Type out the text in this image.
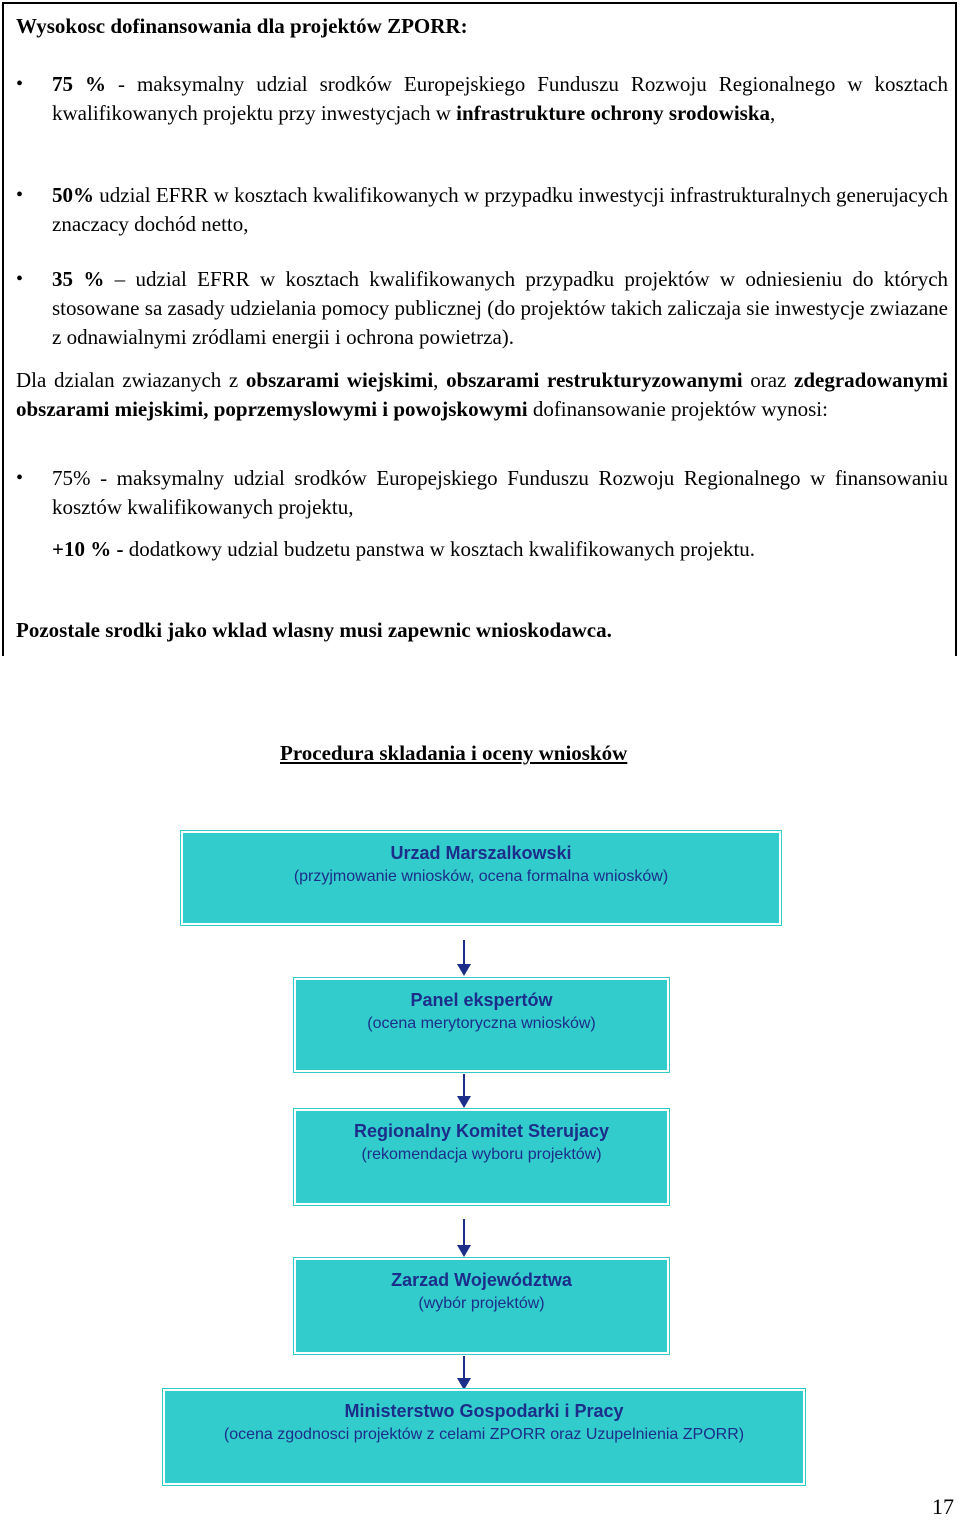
Wysokosc dofinansowania dla projektów ZPORR:
• 75 % - maksymalny udzial srodków Europejskiego Funduszu Rozwoju Regionalnego w kosztach kwalifikowanych projektu przy inwestycjach w infrastrukture ochrony srodowiska,
• 50% udzial EFRR w kosztach kwalifikowanych w przypadku inwestycji infrastrukturalnych generujacych znaczacy dochód netto,
• 35 % – udzial EFRR w kosztach kwalifikowanych przypadku projektów w odniesieniu do których stosowane sa zasady udzielania pomocy publicznej (do projektów takich zaliczaja sie inwestycje zwiazane z odnawialnymi zródlami energii i ochrona powietrza).
Dla dzialan zwiazanych z obszarami wiejskimi, obszarami restrukturyzowanymi oraz zdegradowanymi obszarami miejskimi, poprzemyslowymi i powojskowymi dofinansowanie projektów wynosi:
• 75% - maksymalny udzial srodków Europejskiego Funduszu Rozwoju Regionalnego w finansowaniu kosztów kwalifikowanych projektu,
+10 % - dodatkowy udzial budzetu panstwa w kosztach kwalifikowanych projektu.
Pozostale srodki jako wklad wlasny musi zapewnic wnioskodawca.
Procedura skladania i oceny wniosków
Urzad Marszalkowski
(przyjmowanie wniosków, ocena formalna wniosków)
Panel ekspertów
(ocena merytoryczna wniosków)
Regionalny Komitet Sterujacy
(rekomendacja wyboru projektów)
Zarzad Województwa
(wybór projektów)
Ministerstwo Gospodarki i Pracy
(ocena zgodnosci projektów z celami ZPORR oraz Uzupelnienia ZPORR)
17
